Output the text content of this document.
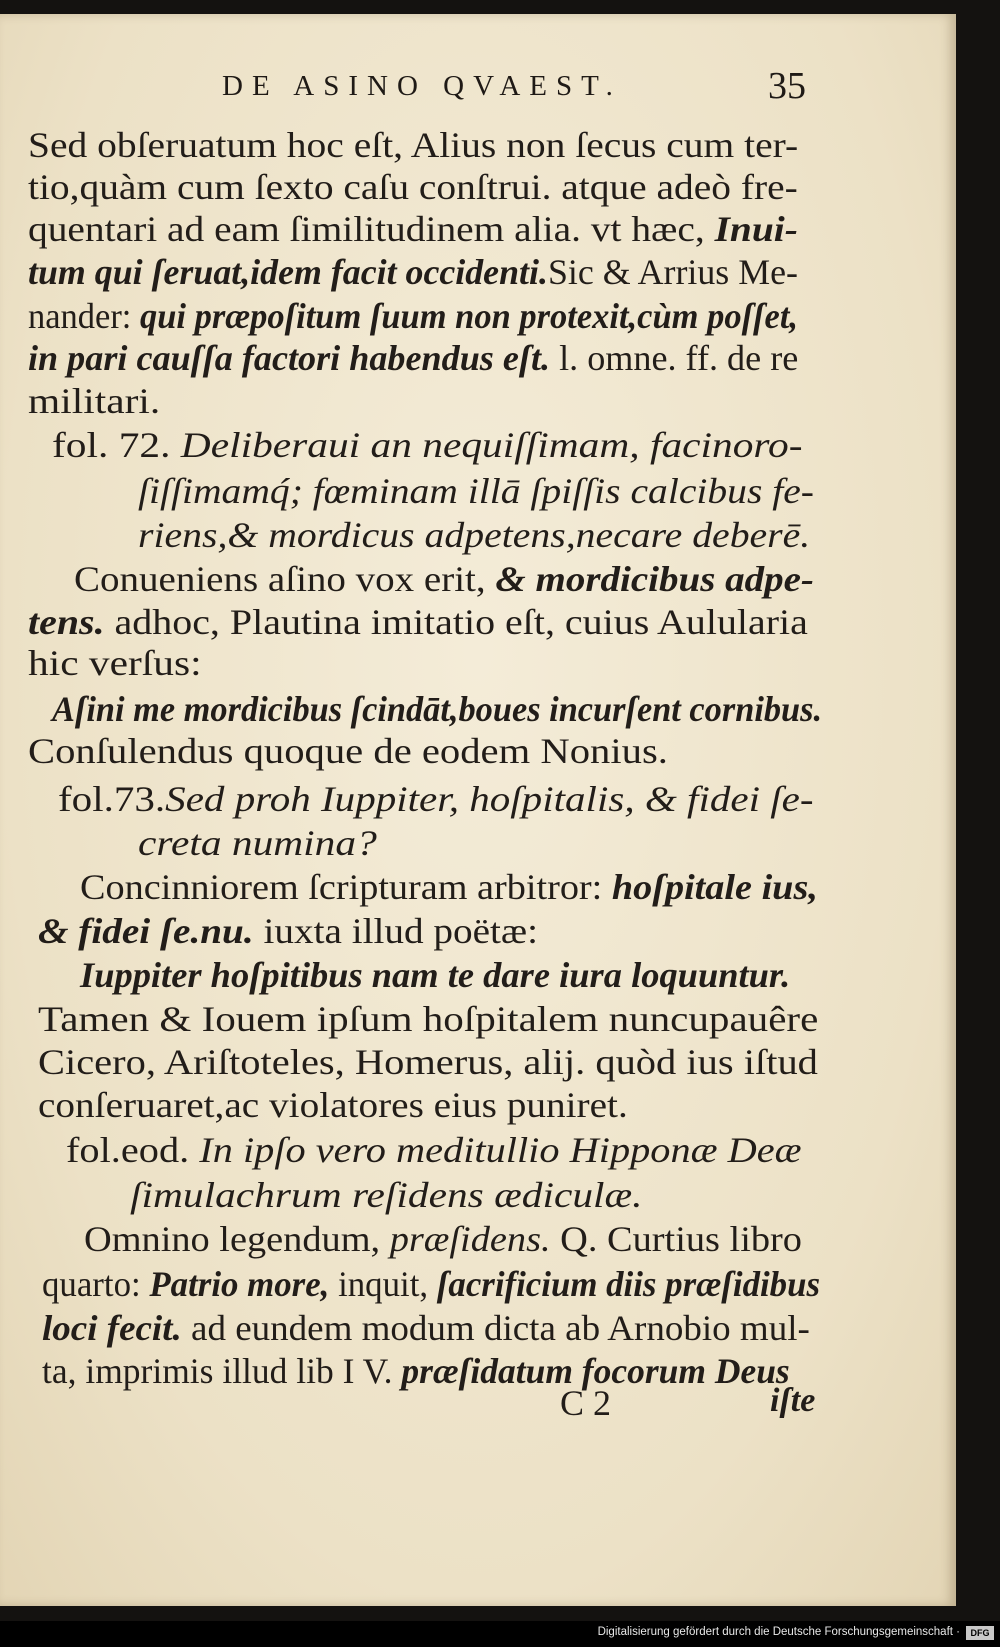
DE ASINO QVAEST.	35
Sed obſeruatum hoc eſt, Alius non ſecus cum ter-
tio,quàm cum ſexto caſu conſtrui. atque adeò fre-
quentari ad eam ſimilitudinem alia. vt hæc, Inui-
tum qui ſeruat,idem facit occidenti.Sic & Arrius Me-
nander: qui præpoſitum ſuum non protexit,cùm poſſet,
in pari cauſſa factori habendus eſt. l. omne. ff. de re
militari.
fol. 72. Deliberaui an nequiſſimam, facinoro-
ſiſſimamq́; fœminam illā ſpiſſis calcibus fe-
riens,& mordicus adpetens,necare deberē.
Conueniens aſino vox erit, & mordicibus adpe-
tens. adhoc, Plautina imitatio eſt, cuius Aulularia
hic verſus:
Aſini me mordicibus ſcindāt,boues incurſent cornibus.
Conſulendus quoque de eodem Nonius.
fol.73.Sed proh Iuppiter, hoſpitalis, & fidei ſe-
creta numina?
Concinniorem ſcripturam arbitror: hoſpitale ius,
& fidei ſe.nu. iuxta illud poëtæ:
Iuppiter hoſpitibus nam te dare iura loquuntur.
Tamen & Iouem ipſum hoſpitalem nuncupauêre
Cicero, Ariſtoteles, Homerus, alij. quòd ius iſtud
conſeruaret,ac violatores eius puniret.
fol.eod. In ipſo vero meditullio Hipponæ Deæ
ſimulachrum reſidens ædiculæ.
Omnino legendum, præſidens. Q. Curtius libro
quarto: Patrio more, inquit, ſacrificium diis præſidibus
loci fecit. ad eundem modum dicta ab Arnobio mul-
ta, imprimis illud lib I V. præſidatum focorum Deus
C 2	iſte
Digitalisierung gefördert durch die Deutsche Forschungsgemeinschaft ·	DFG
